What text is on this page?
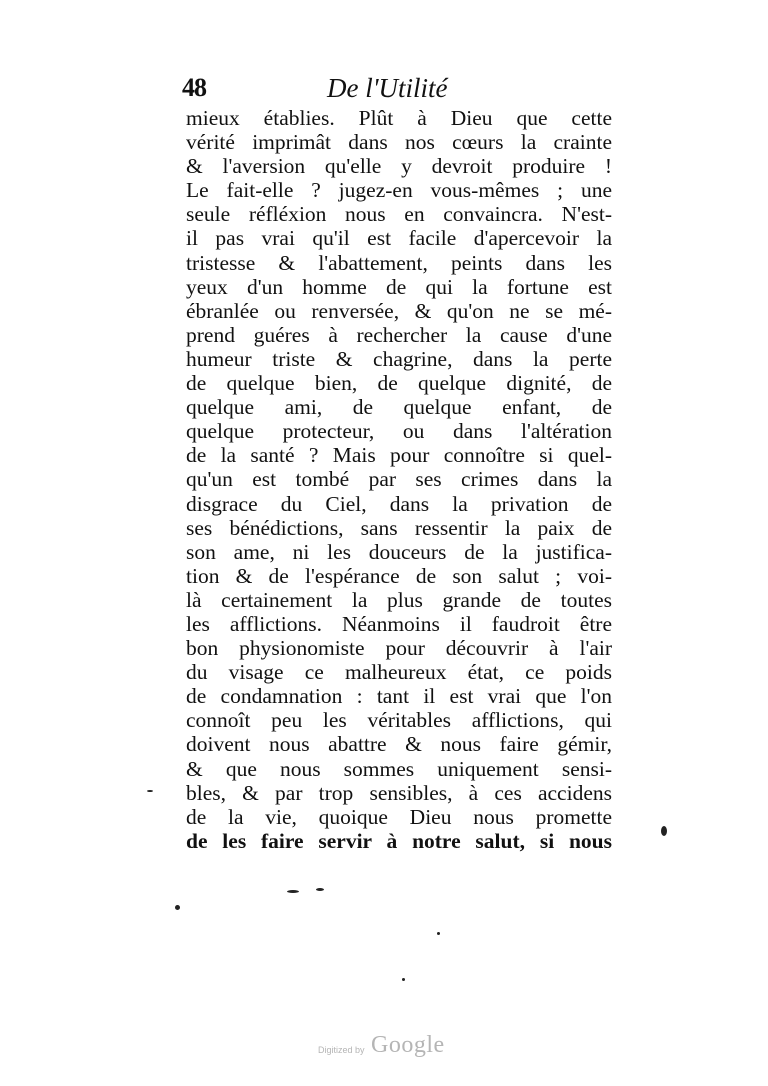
48	De l'Utilité
mieux établies. Plût à Dieu que cette
vérité imprimât dans nos cœurs la crainte
& l'aversion qu'elle y devroit produire !
Le fait-elle ? jugez-en vous-mêmes ; une
seule réfléxion nous en convaincra. N'est-
il pas vrai qu'il est facile d'apercevoir la
tristesse & l'abattement, peints dans les
yeux d'un homme de qui la fortune est
ébranlée ou renversée, & qu'on ne se mé-
prend guéres à rechercher la cause d'une
humeur triste & chagrine, dans la perte
de quelque bien, de quelque dignité, de
quelque ami, de quelque enfant, de
quelque protecteur, ou dans l'altération
de la santé ? Mais pour connoître si quel-
qu'un est tombé par ses crimes dans la
disgrace du Ciel, dans la privation de
ses bénédictions, sans ressentir la paix de
son ame, ni les douceurs de la justifica-
tion & de l'espérance de son salut ; voi-
là certainement la plus grande de toutes
les afflictions. Néanmoins il faudroit être
bon physionomiste pour découvrir à l'air
du visage ce malheureux état, ce poids
de condamnation : tant il est vrai que l'on
connoît peu les véritables afflictions, qui
doivent nous abattre & nous faire gémir,
& que nous sommes uniquement sensi-
bles, & par trop sensibles, à ces accidens
de la vie, quoique Dieu nous promette
de les faire servir à notre salut, si nous
Digitized by Google
